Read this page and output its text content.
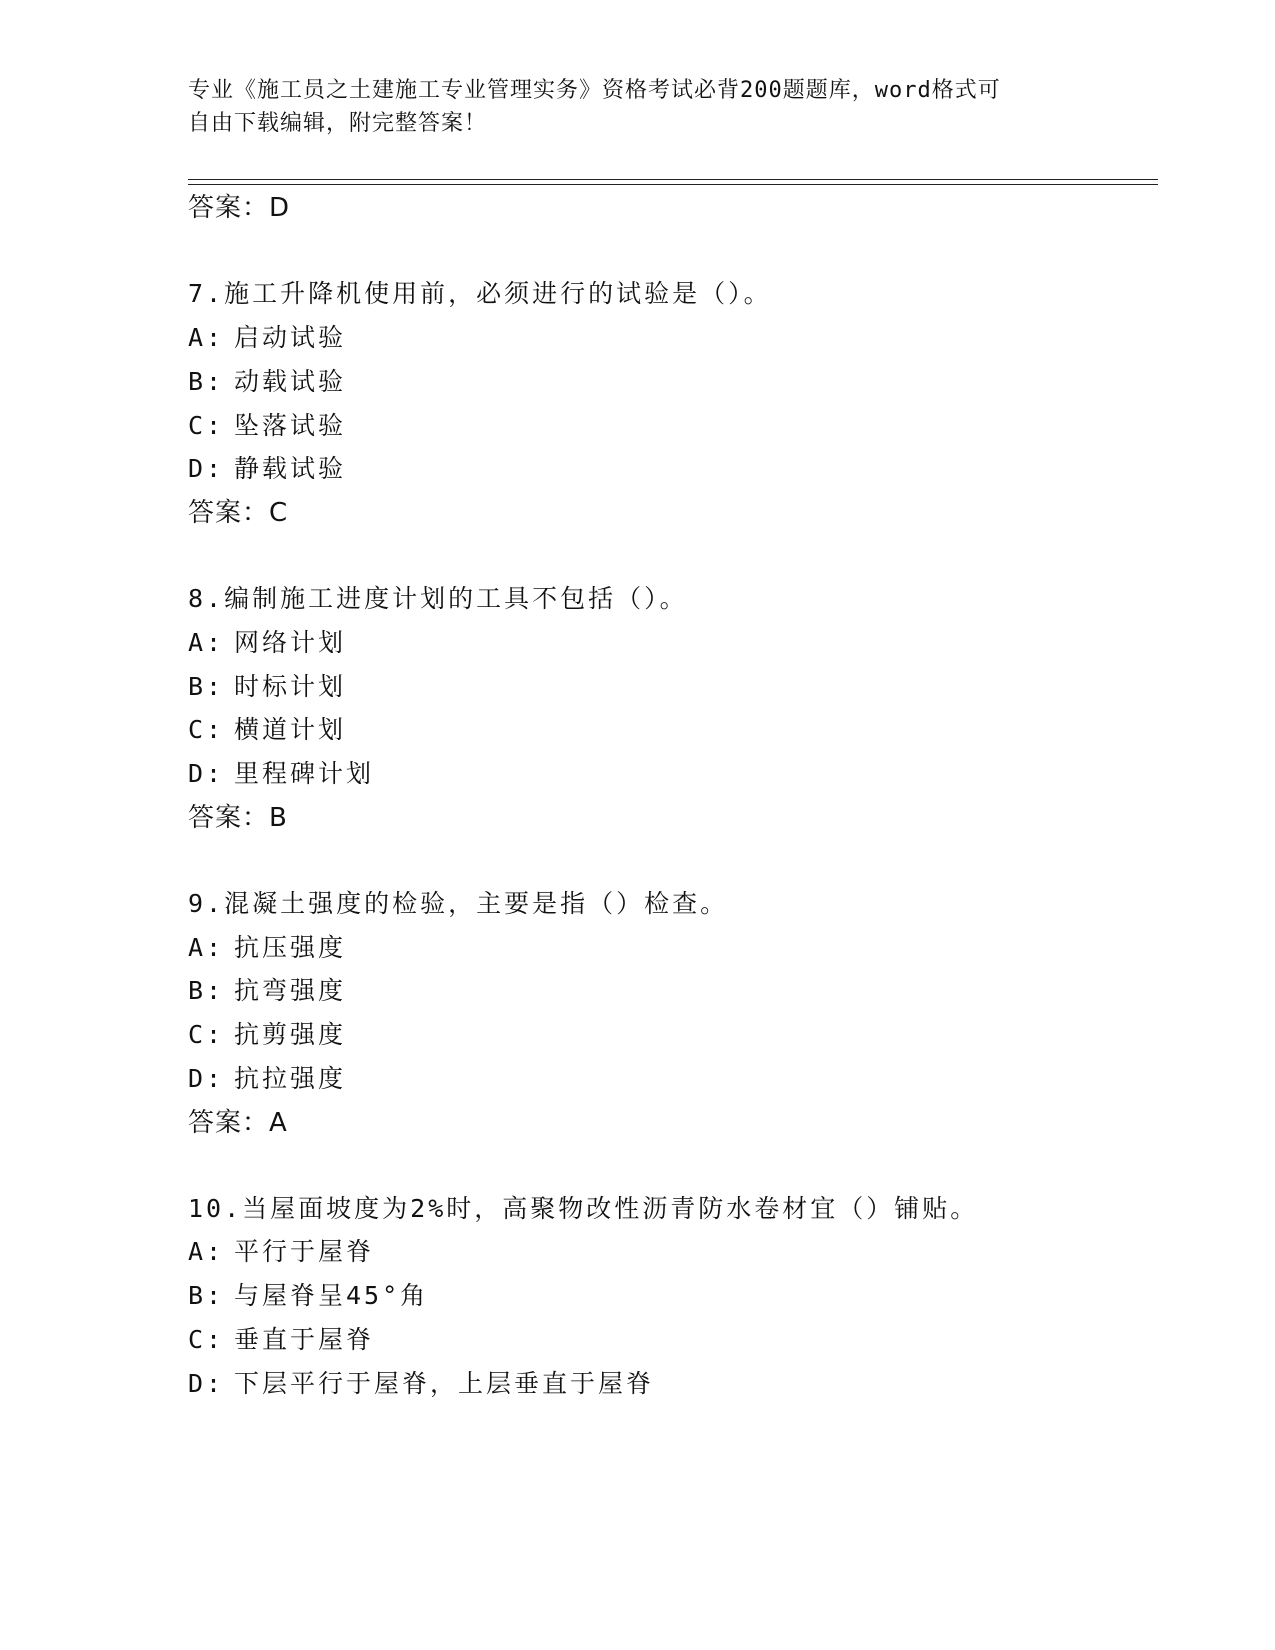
专业《施工员之土建施工专业管理实务》资格考试必背200题题库，word格式可
自由下载编辑，附完整答案！
答案：D
7.施工升降机使用前，必须进行的试验是（）。
A: 启动试验
B: 动载试验
C: 坠落试验
D: 静载试验
答案：C
8.编制施工进度计划的工具不包括（）。
A: 网络计划
B: 时标计划
C: 横道计划
D: 里程碑计划
答案：B
9.混凝土强度的检验，主要是指（）检查。
A: 抗压强度
B: 抗弯强度
C: 抗剪强度
D: 抗拉强度
答案：A
10.当屋面坡度为2%时，高聚物改性沥青防水卷材宜（）铺贴。
A: 平行于屋脊
B: 与屋脊呈45°角
C: 垂直于屋脊
D: 下层平行于屋脊，上层垂直于屋脊
